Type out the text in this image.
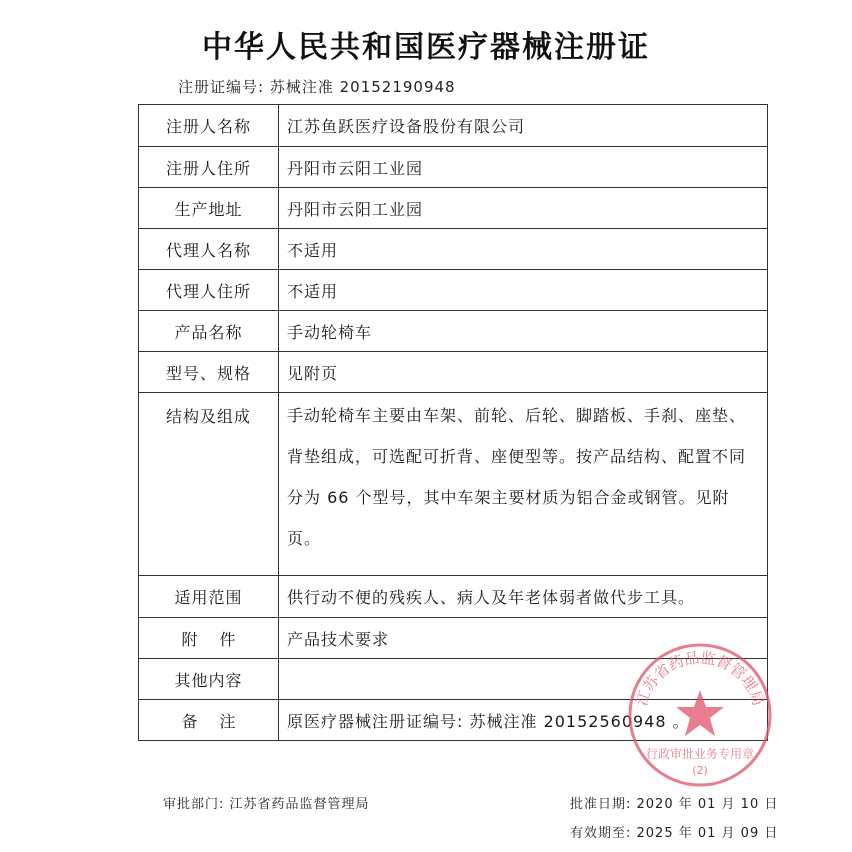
中华人民共和国医疗器械注册证
注册证编号: 苏械注准 20152190948
注册人名称	江苏鱼跃医疗设备股份有限公司
注册人住所	丹阳市云阳工业园
生产地址	丹阳市云阳工业园
代理人名称	不适用
代理人住所	不适用
产品名称	手动轮椅车
型号、规格	见附页
结构及组成	手动轮椅车主要由车架、前轮、后轮、脚踏板、手刹、座垫、背垫组成，可选配可折背、座便型等。按产品结构、配置不同分为 66 个型号，其中车架主要材质为铝合金或钢管。见附页。
适用范围	供行动不便的残疾人、病人及年老体弱者做代步工具。
附件	产品技术要求
其他内容	
备注	原医疗器械注册证编号: 苏械注准 20152560948 。
江苏省药品监督管理局
行政审批业务专用章
(2)
审批部门: 江苏省药品监督管理局	批准日期: 2020 年 01 月 10 日
有效期至: 2025 年 01 月 09 日
